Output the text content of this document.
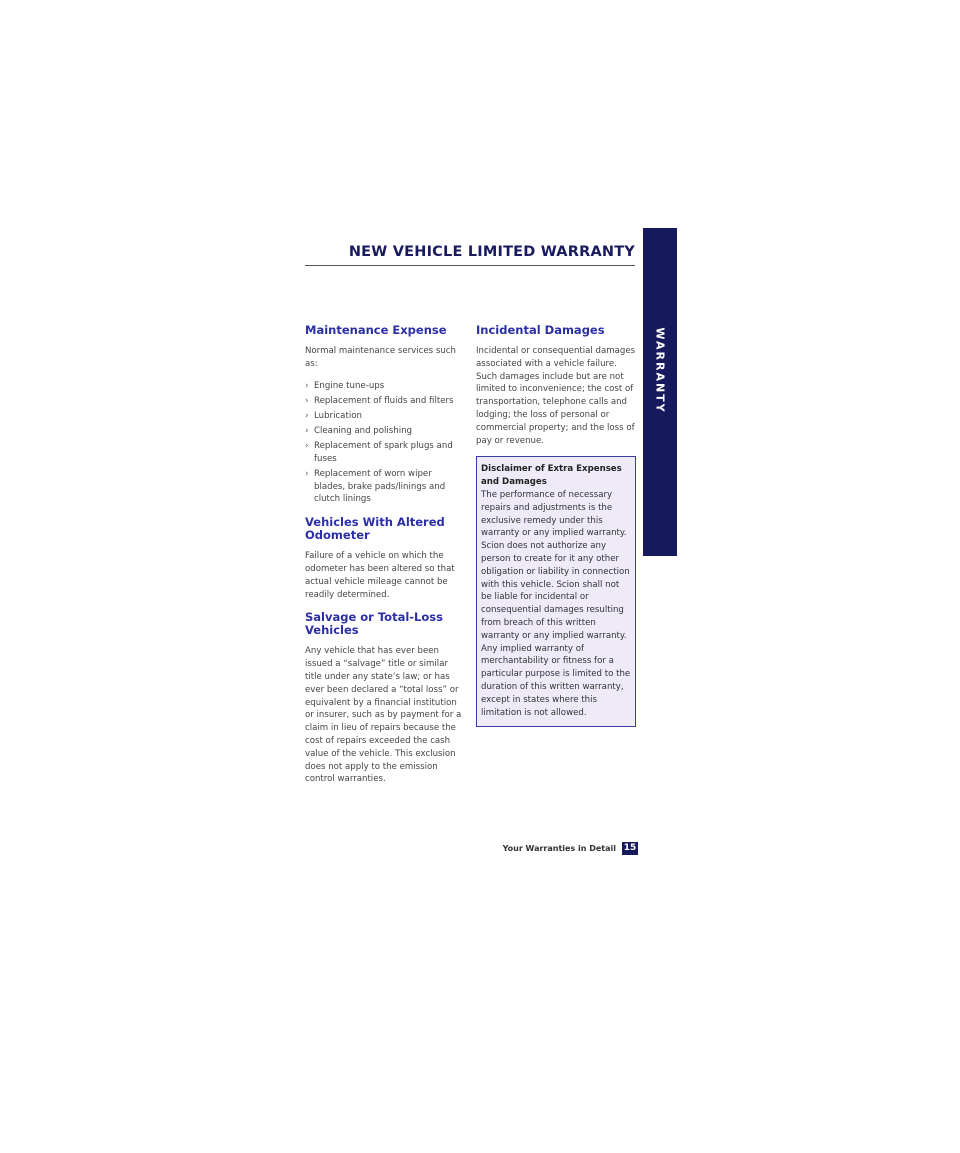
NEW VEHICLE LIMITED WARRANTY
WARRANTY
Maintenance Expense

Normal maintenance services such as:

› Engine tune-ups
› Replacement of fluids and filters
› Lubrication
› Cleaning and polishing
› Replacement of spark plugs and fuses
› Replacement of worn wiper blades, brake pads/linings and clutch linings
Vehicles With Altered Odometer

Failure of a vehicle on which the odometer has been altered so that actual vehicle mileage cannot be readily determined.

Salvage or Total-Loss Vehicles

Any vehicle that has ever been issued a “salvage” title or similar title under any state’s law; or has ever been declared a “total loss” or equivalent by a financial institution or insurer, such as by payment for a claim in lieu of repairs because the cost of repairs exceeded the cash value of the vehicle. This exclusion does not apply to the emission control warranties.

Incidental Damages

Incidental or consequential damages associated with a vehicle failure. Such damages include but are not limited to inconvenience; the cost of transportation, telephone calls and lodging; the loss of personal or commercial property; and the loss of pay or revenue.

Disclaimer of Extra Expenses and Damages

The performance of necessary repairs and adjustments is the exclusive remedy under this warranty or any implied warranty. Scion does not authorize any person to create for it any other obligation or liability in connection with this vehicle. Scion shall not be liable for incidental or consequential damages resulting from breach of this written warranty or any implied warranty. Any implied warranty of merchantability or fitness for a particular purpose is limited to the duration of this written warranty, except in states where this limitation is not allowed.

Your Warranties in Detail 15
